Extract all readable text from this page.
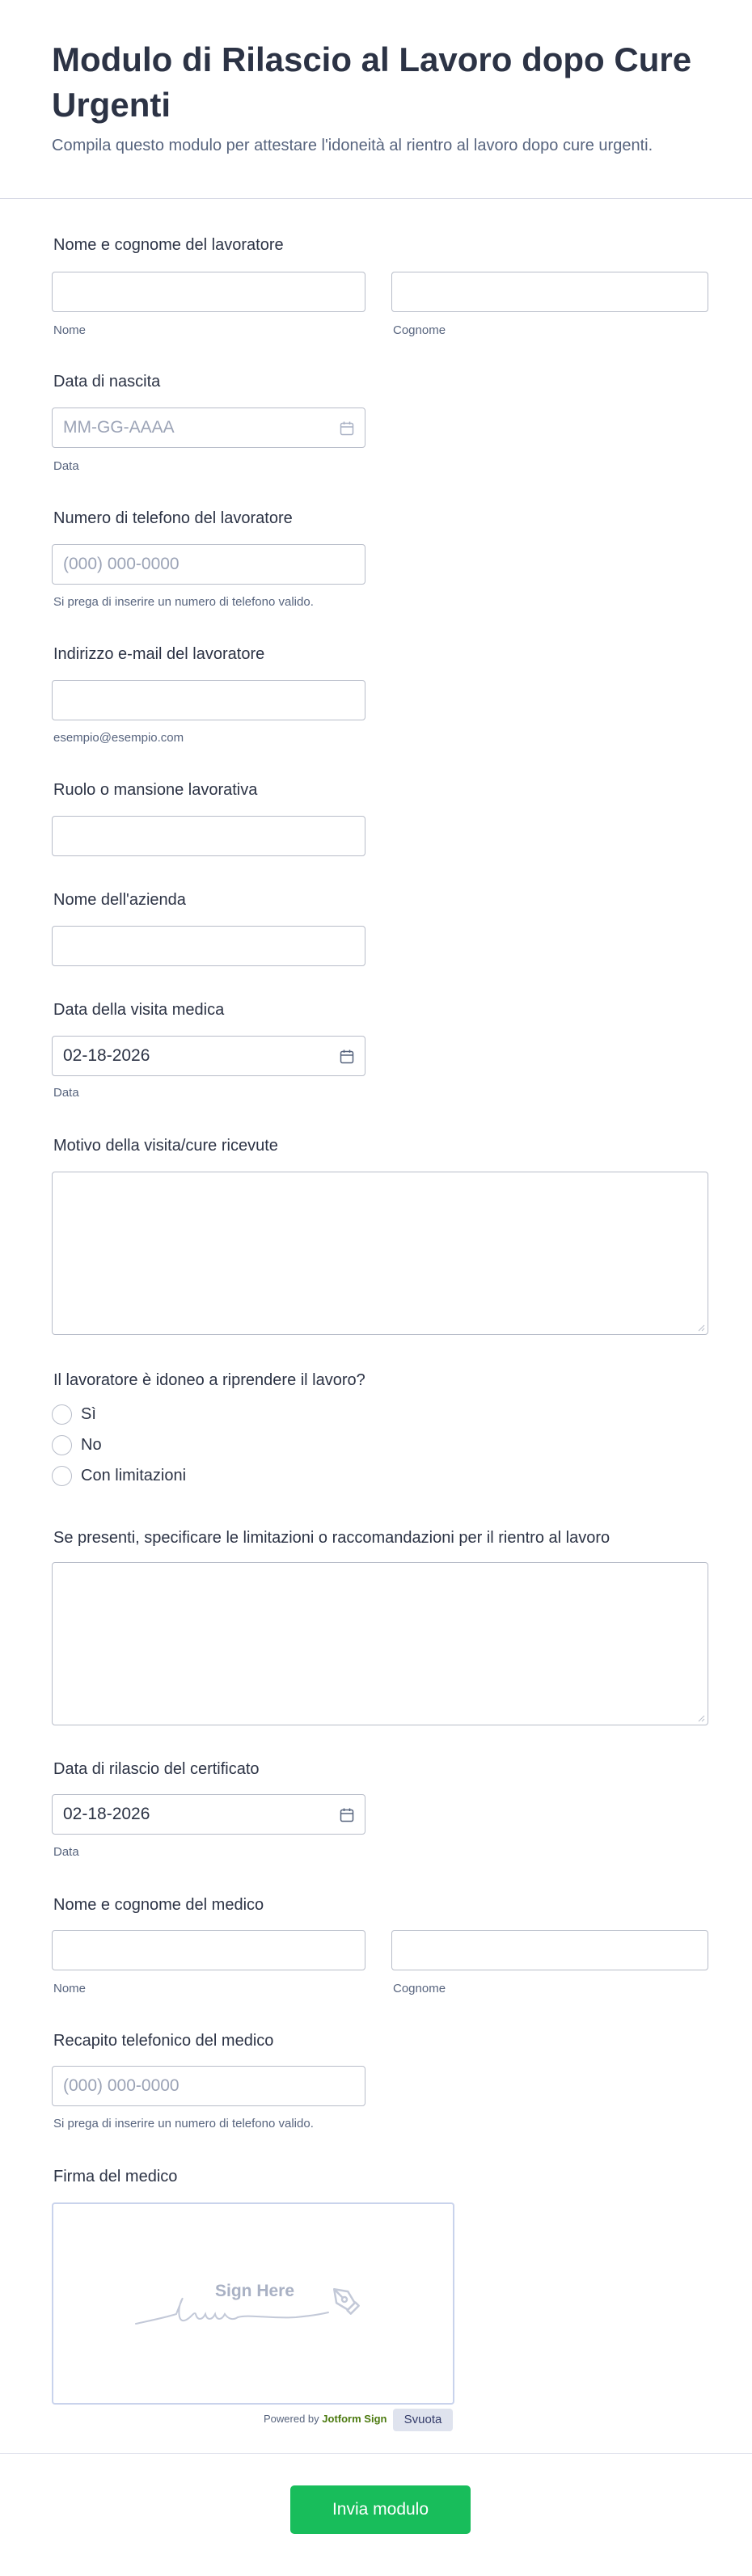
Modulo di Rilascio al Lavoro dopo Cure Urgenti
Compila questo modulo per attestare l'idoneità al rientro al lavoro dopo cure urgenti.
Nome e cognome del lavoratore
Nome	Cognome
Data di nascita
MM-GG-AAAA
Data
Numero di telefono del lavoratore
(000) 000-0000
Si prega di inserire un numero di telefono valido.
Indirizzo e-mail del lavoratore
esempio@esempio.com
Ruolo o mansione lavorativa
Nome dell'azienda
Data della visita medica
02-18-2026
Data
Motivo della visita/cure ricevute
Il lavoratore è idoneo a riprendere il lavoro?
Sì
No
Con limitazioni
Se presenti, specificare le limitazioni o raccomandazioni per il rientro al lavoro
Data di rilascio del certificato
02-18-2026
Data
Nome e cognome del medico
Nome	Cognome
Recapito telefonico del medico
(000) 000-0000
Si prega di inserire un numero di telefono valido.
Firma del medico
Sign Here
Powered by Jotform Sign	Svuota
Invia modulo
